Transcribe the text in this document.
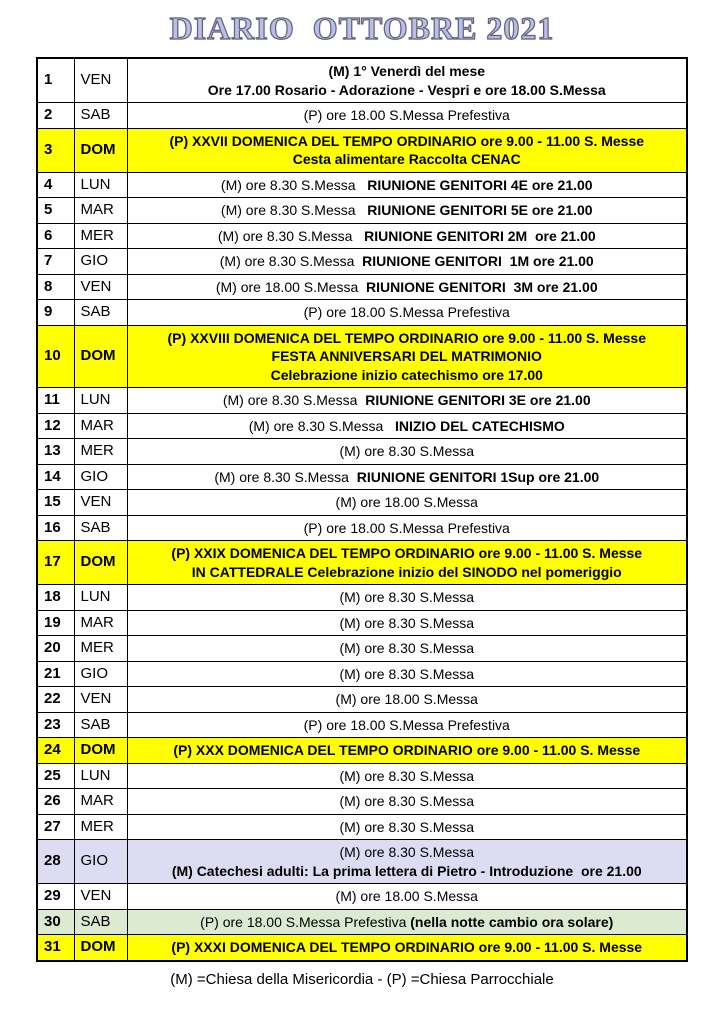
DIARIO  OTTOBRE 2021
1	VEN	(M) 1° Venerdì del mese
Ore 17.00 Rosario - Adorazione - Vespri e ore 18.00 S.Messa

2	SAB	(P) ore 18.00 S.Messa Prefestiva

3	DOM	(P) XXVII DOMENICA DEL TEMPO ORDINARIO ore 9.00 - 11.00 S. Messe
Cesta alimentare Raccolta CENAC

4	LUN	(M) ore 8.30 S.Messa   RIUNIONE GENITORI 4E ore 21.00

5	MAR	(M) ore 8.30 S.Messa   RIUNIONE GENITORI 5E ore 21.00

6	MER	(M) ore 8.30 S.Messa   RIUNIONE GENITORI 2M  ore 21.00

7	GIO	(M) ore 8.30 S.Messa  RIUNIONE GENITORI  1M ore 21.00

8	VEN	(M) ore 18.00 S.Messa  RIUNIONE GENITORI  3M ore 21.00

9	SAB	(P) ore 18.00 S.Messa Prefestiva

10	DOM	(P) XXVIII DOMENICA DEL TEMPO ORDINARIO ore 9.00 - 11.00 S. Messe
FESTA ANNIVERSARI DEL MATRIMONIO
Celebrazione inizio catechismo ore 17.00

11	LUN	(M) ore 8.30 S.Messa  RIUNIONE GENITORI 3E ore 21.00

12	MAR	(M) ore 8.30 S.Messa   INIZIO DEL CATECHISMO

13	MER	(M) ore 8.30 S.Messa

14	GIO	(M) ore 8.30 S.Messa  RIUNIONE GENITORI 1Sup ore 21.00

15	VEN	(M) ore 18.00 S.Messa

16	SAB	(P) ore 18.00 S.Messa Prefestiva

17	DOM	(P) XXIX DOMENICA DEL TEMPO ORDINARIO ore 9.00 - 11.00 S. Messe
IN CATTEDRALE Celebrazione inizio del SINODO nel pomeriggio

18	LUN	(M) ore 8.30 S.Messa

19	MAR	(M) ore 8.30 S.Messa

20	MER	(M) ore 8.30 S.Messa

21	GIO	(M) ore 8.30 S.Messa

22	VEN	(M) ore 18.00 S.Messa

23	SAB	(P) ore 18.00 S.Messa Prefestiva

24	DOM	(P) XXX DOMENICA DEL TEMPO ORDINARIO ore 9.00 - 11.00 S. Messe

25	LUN	(M) ore 8.30 S.Messa

26	MAR	(M) ore 8.30 S.Messa

27	MER	(M) ore 8.30 S.Messa

28	GIO	(M) ore 8.30 S.Messa
(M) Catechesi adulti: La prima lettera di Pietro - Introduzione  ore 21.00

29	VEN	(M) ore 18.00 S.Messa

30	SAB	(P) ore 18.00 S.Messa Prefestiva (nella notte cambio ora solare)

31	DOM	(P) XXXI DOMENICA DEL TEMPO ORDINARIO ore 9.00 - 11.00 S. Messe
(M) =Chiesa della Misericordia - (P) =Chiesa Parrocchiale
